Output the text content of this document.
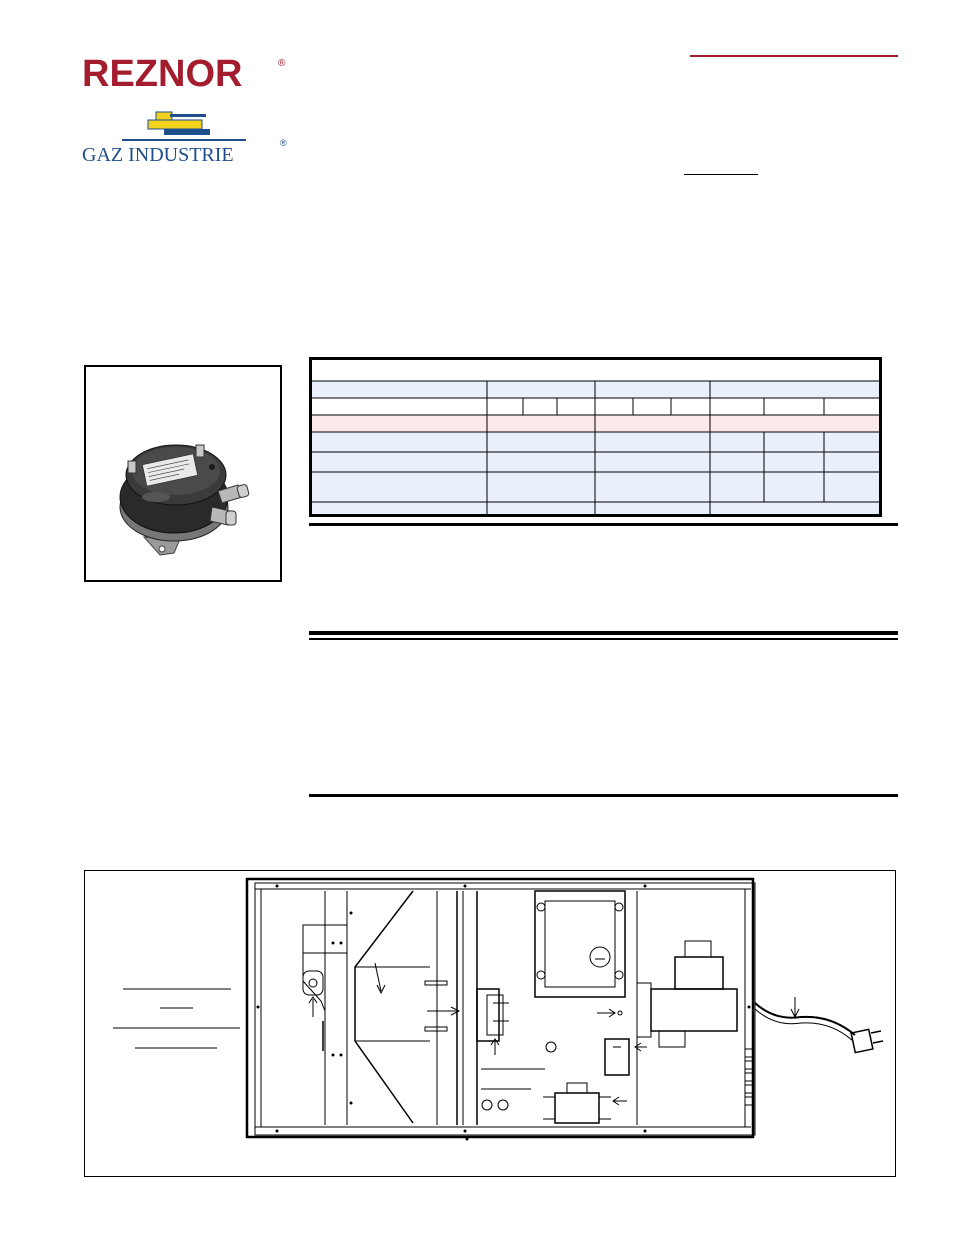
REZNOR	®
GAZ INDUSTRIE
®
